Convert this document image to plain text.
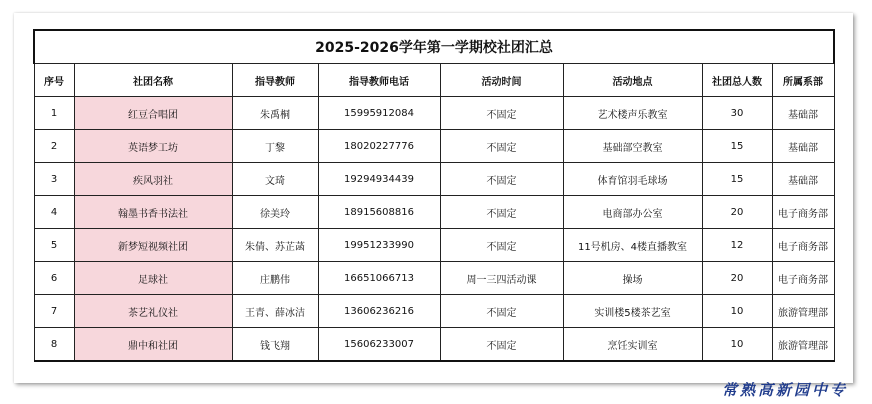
2025-2026学年第一学期校社团汇总							
序号	社团名称	指导教师	指导教师电话	活动时间	活动地点	社团总人数	所属系部
1	红豆合唱团	朱禹桐	15995912084	不固定	艺术楼声乐教室	30	基础部
2	英语梦工坊	丁黎	18020227776	不固定	基础部空教室	15	基础部
3	疾风羽社	文琦	19294934439	不固定	体育馆羽毛球场	15	基础部
4	翰墨书香书法社	徐美玲	18915608816	不固定	电商部办公室	20	电子商务部
5	新梦短视频社团	朱倩、苏芷菡	19951233990	不固定	11号机房、4楼直播教室	12	电子商务部
6	足球社	庄鹏伟	16651066713	周一三四活动课	操场	20	电子商务部
7	茶艺礼仪社	王青、薛冰洁	13606236216	不固定	实训楼5楼茶艺室	10	旅游管理部
8	鼎中和社团	钱飞翔	15606233007	不固定	烹饪实训室	10	旅游管理部
常熟高新园中专
